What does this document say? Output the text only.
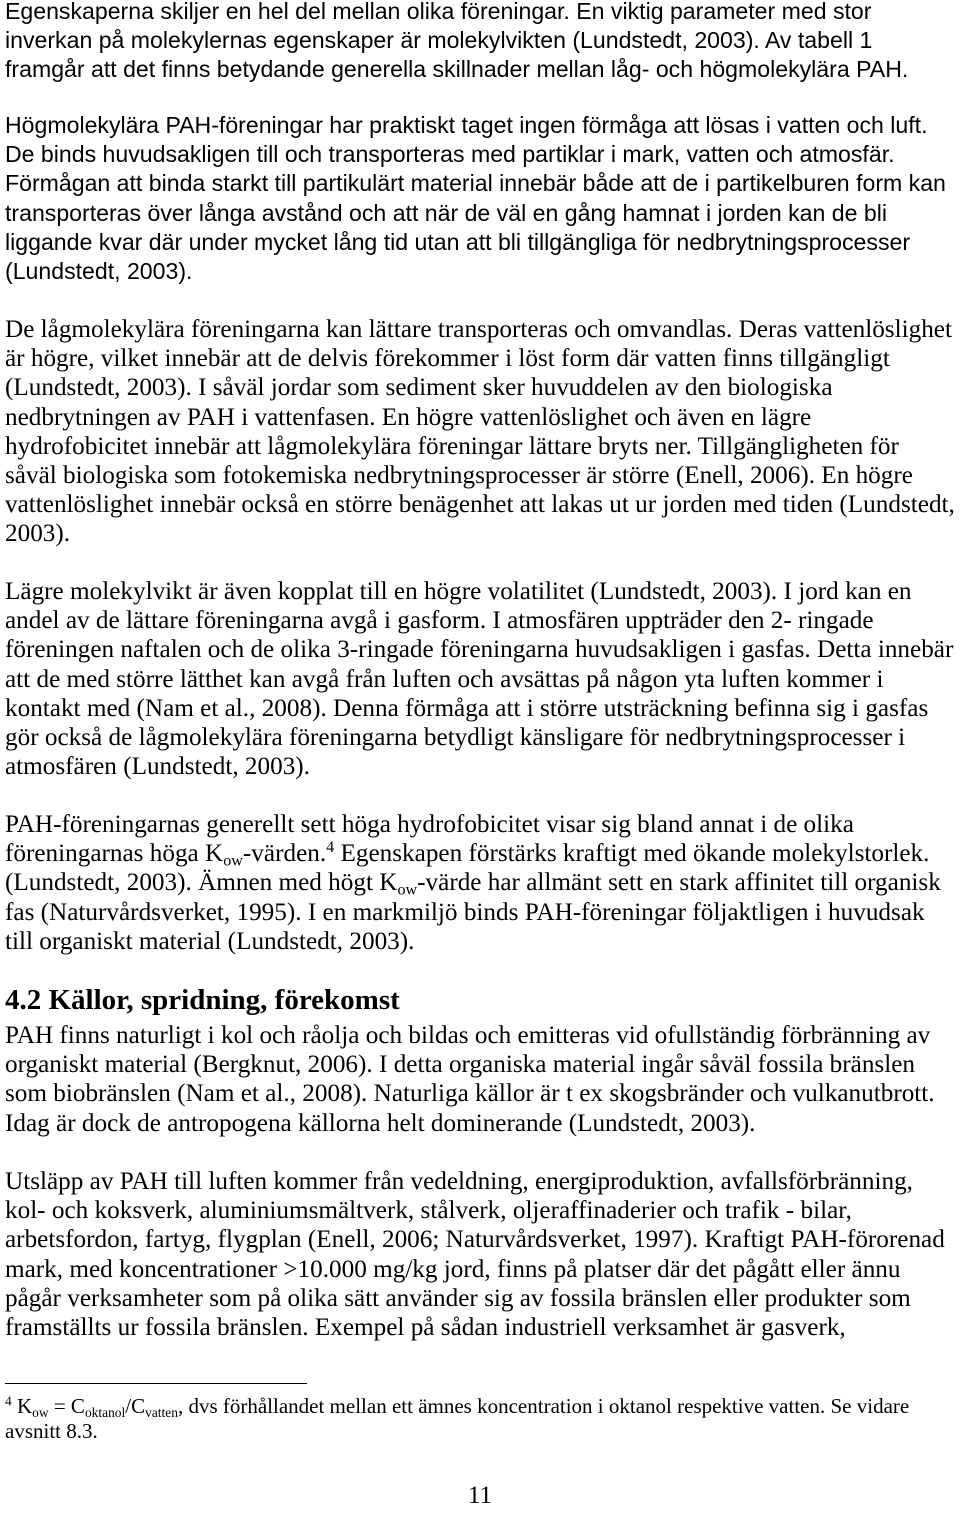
Egenskaperna skiljer en hel del mellan olika föreningar. En viktig parameter med stor
inverkan på molekylernas egenskaper är molekylvikten (Lundstedt, 2003). Av tabell 1
framgår att det finns betydande generella skillnader mellan låg- och högmolekylära PAH.
Högmolekylära PAH-föreningar har praktiskt taget ingen förmåga att lösas i vatten och luft.
De binds huvudsakligen till och transporteras med partiklar i mark, vatten och atmosfär.
Förmågan att binda starkt till partikulärt material innebär både att de i partikelburen form kan
transporteras över långa avstånd och att när de väl en gång hamnat i jorden kan de bli
liggande kvar där under mycket lång tid utan att bli tillgängliga för nedbrytningsprocesser
(Lundstedt, 2003).
De lågmolekylära föreningarna kan lättare transporteras och omvandlas. Deras vattenlöslighet
är högre, vilket innebär att de delvis förekommer i löst form där vatten finns tillgängligt
(Lundstedt, 2003). I såväl jordar som sediment sker huvuddelen av den biologiska
nedbrytningen av PAH i vattenfasen. En högre vattenlöslighet och även en lägre
hydrofobicitet innebär att lågmolekylära föreningar lättare bryts ner. Tillgängligheten för
såväl biologiska som fotokemiska nedbrytningsprocesser är större (Enell, 2006). En högre
vattenlöslighet innebär också en större benägenhet att lakas ut ur jorden med tiden (Lundstedt,
2003).
Lägre molekylvikt är även kopplat till en högre volatilitet (Lundstedt, 2003). I jord kan en
andel av de lättare föreningarna avgå i gasform. I atmosfären uppträder den 2- ringade
föreningen naftalen och de olika 3-ringade föreningarna huvudsakligen i gasfas. Detta innebär
att de med större lätthet kan avgå från luften och avsättas på någon yta luften kommer i
kontakt med (Nam et al., 2008). Denna förmåga att i större utsträckning befinna sig i gasfas
gör också de lågmolekylära föreningarna betydligt känsligare för nedbrytningsprocesser i
atmosfären (Lundstedt, 2003).
PAH-föreningarnas generellt sett höga hydrofobicitet visar sig bland annat i de olika
föreningarnas höga $K_{ow}-värden.^4$ Egenskapen förstärks kraftigt med ökande molekylstorlek.
(Lundstedt, 2003). Ämnen med högt $K_{ow}$-värde har allmänt sett en stark affinitet till organisk
fas (Naturvårdsverket, 1995). I en markmiljö binds PAH-föreningar följaktligen i huvudsak
till organiskt material (Lundstedt, 2003).
4.2 Källor, spridning, förekomst
PAH finns naturligt i kol och råolja och bildas och emitteras vid ofullständig förbränning av
organiskt material (Bergknut, 2006). I detta organiska material ingår såväl fossila bränslen
som biobränslen (Nam et al., 2008). Naturliga källor är t ex skogsbränder och vulkanutbrott.
Idag är dock de antropogena källorna helt dominerande (Lundstedt, 2003).
Utsläpp av PAH till luften kommer från vedeldning, energiproduktion, avfallsförbränning,
kol- och koksverk, aluminiumsmältverk, stålverk, oljeraffinaderier och trafik - bilar,
arbetsfordon, fartyg, flygplan (Enell, 2006; Naturvårdsverket, 1997). Kraftigt PAH-förorenad
mark, med koncentrationer >10.000 mg/kg jord, finns på platser där det pågått eller ännu
pågår verksamheter som på olika sätt använder sig av fossila bränslen eller produkter som
framställts ur fossila bränslen. Exempel på sådan industriell verksamhet är gasverk,
$^4$ $K_{ow} = C_{oktanol}/C_{vatten}$, dvs förhållandet mellan ett ämnes koncentration i oktanol respektive vatten. Se vidare
avsnitt 8.3.
11
